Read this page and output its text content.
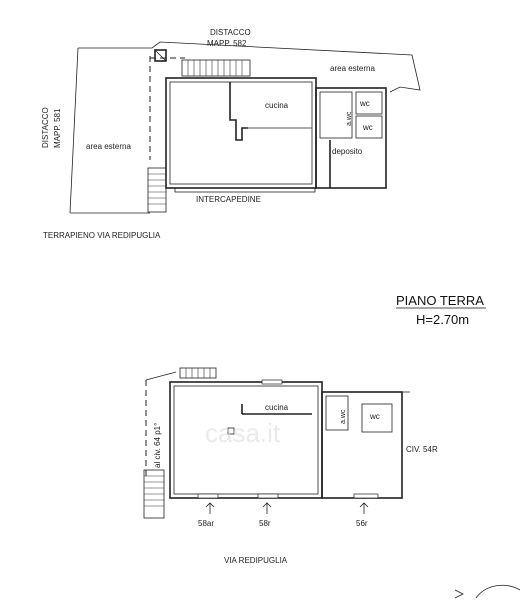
DISTACCO
MAPP. 582
DISTACCO MAPP. 581	area esterna
area esterna
cucina	wc
wc
a.wc
deposito
INTERCAPEDINE
TERRAPIENO VIA REDIPUGLIA
PIANO TERRA
H=2.70m
al civ. 64 p1°
cucina
a.wc	wc
CIV. 54R
58ar	58r	56r
VIA REDIPUGLIA
casa.it
